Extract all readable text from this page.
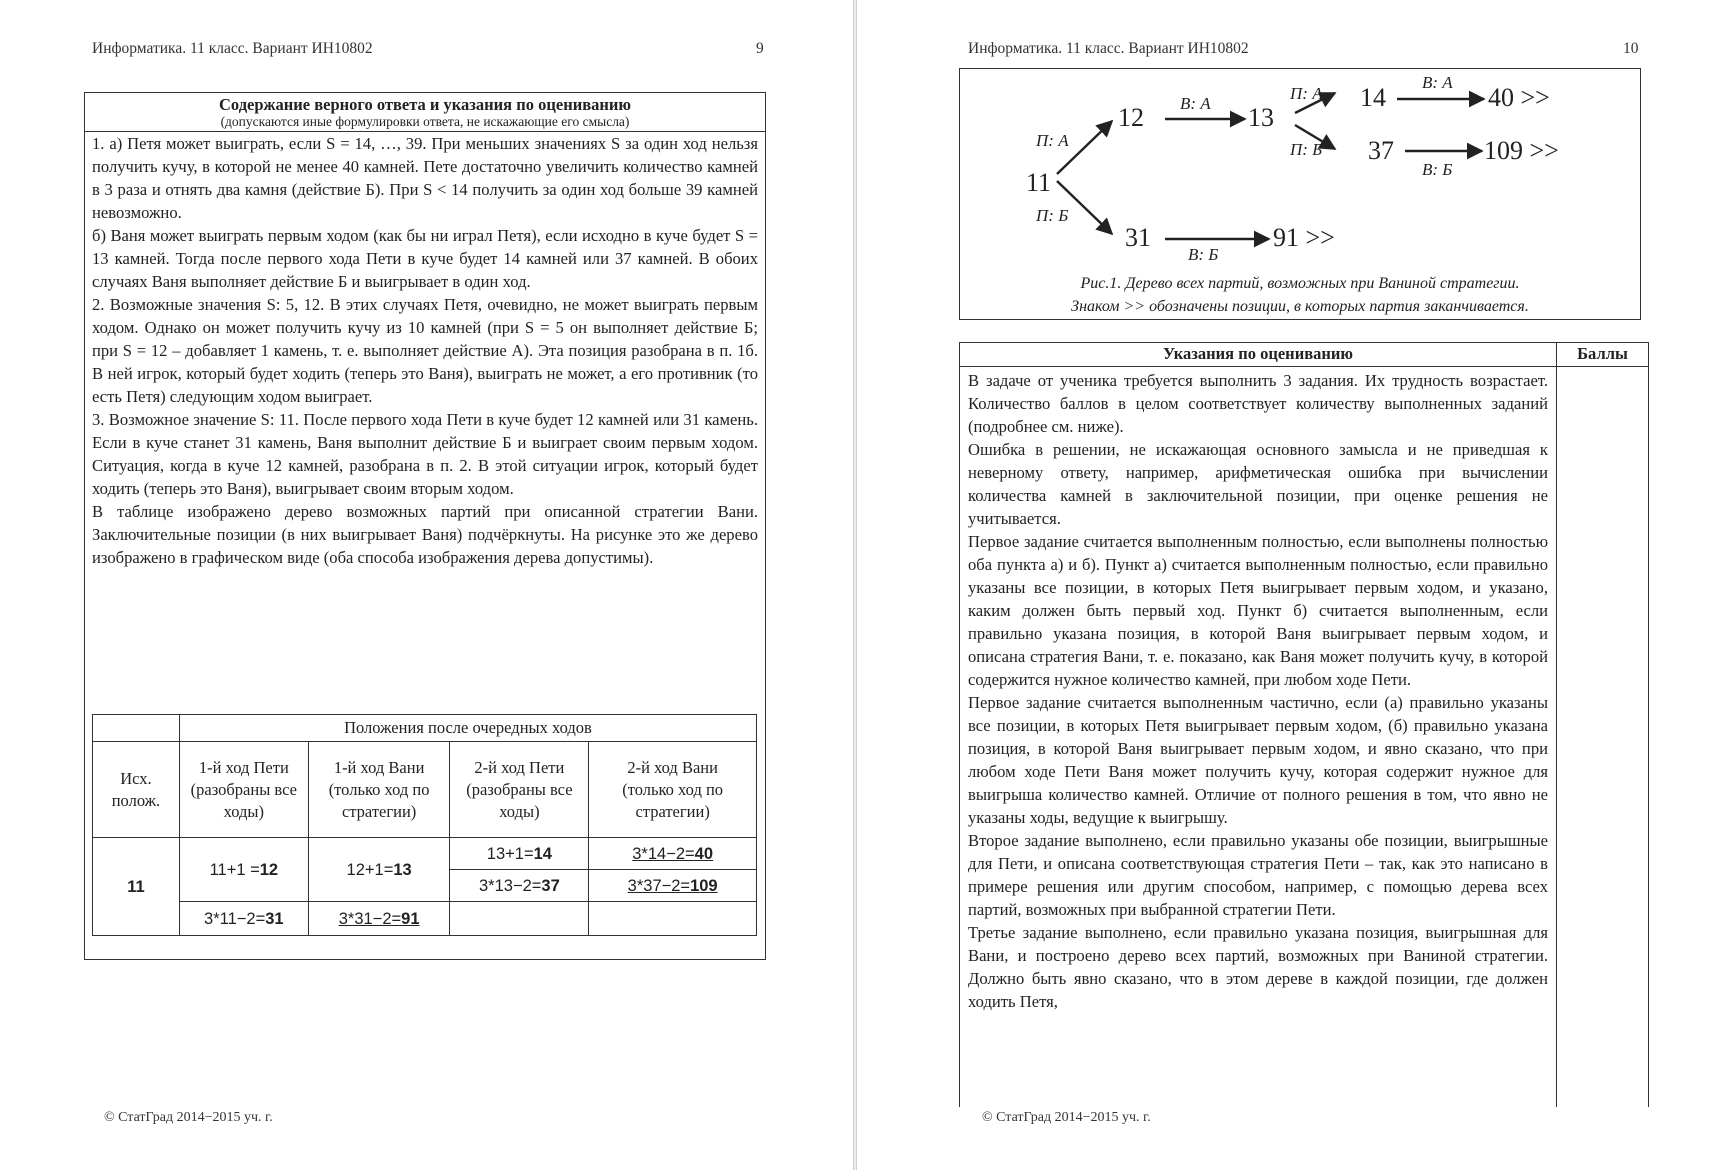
Информатика. 11 класс. Вариант ИН10802	9
Содержание верного ответа и указания по оцениванию
(допускаются иные формулировки ответа, не искажающие его смысла)

1. а) Петя может выиграть, если S = 14, …, 39. При меньших значениях S за один ход нельзя получить кучу, в которой не менее 40 камней. Пете достаточно увеличить количество камней в 3 раза и отнять два камня (действие Б). При S < 14 получить за один ход больше 39 камней невозможно.

б) Ваня может выиграть первым ходом (как бы ни играл Петя), если исходно в куче будет S = 13 камней. Тогда после первого хода Пети в куче будет 14 камней или 37 камней. В обоих случаях Ваня выполняет действие Б и выигрывает в один ход.

2. Возможные значения S: 5, 12. В этих случаях Петя, очевидно, не может выиграть первым ходом. Однако он может получить кучу из 10 камней (при S = 5 он выполняет действие Б; при S = 12 – добавляет 1 камень, т. е. выполняет действие А). Эта позиция разобрана в п. 1б. В ней игрок, который будет ходить (теперь это Ваня), выиграть не может, а его противник (то есть Петя) следующим ходом выиграет.

3. Возможное значение S: 11. После первого хода Пети в куче будет 12 камней или 31 камень. Если в куче станет 31 камень, Ваня выполнит действие Б и выиграет своим первым ходом. Ситуация, когда в куче 12 камней, разобрана в п. 2. В этой ситуации игрок, который будет ходить (теперь это Ваня), выигрывает своим вторым ходом.

В таблице изображено дерево возможных партий при описанной стратегии Вани. Заключительные позиции (в них выигрывает Ваня) подчёркнуты. На рисунке это же дерево изображено в графическом виде (оба способа изображения дерева допустимы).

	Положения после очередных ходов			
Исх. полож.	1-й ход Пети (разобраны все ходы)	1-й ход Вани (только ход по стратегии)	2-й ход Пети (разобраны все ходы)	2-й ход Вани (только ход по стратегии)
11	11+1 =12	12+1=13	13+1=14	3*14−2=40
			3*13−2=37	3*37−2=109
	3*11−2=31	3*31−2=91		
© СтатГрад 2014−2015 уч. г.
Информатика. 11 класс. Вариант ИН10802	10
11
12	13
14
37
31
40 >>
109 >>
91 >>
П: А
П: Б
В: А
П: А
П: Б
В: А
В: Б
В: Б
Рис.1. Дерево всех партий, возможных при Ваниной стратегии.
Знаком >> обозначены позиции, в которых партия заканчивается.
Указания по оцениванию	Баллы

В задаче от ученика требуется выполнить 3 задания. Их трудность возрастает. Количество баллов в целом соответствует количеству выполненных заданий (подробнее см. ниже).

Ошибка в решении, не искажающая основного замысла и не приведшая к неверному ответу, например, арифметическая ошибка при вычислении количества камней в заключительной позиции, при оценке решения не учитывается.

Первое задание считается выполненным полностью, если выполнены полностью оба пункта а) и б). Пункт а) считается выполненным полностью, если правильно указаны все позиции, в которых Петя выигрывает первым ходом, и указано, каким должен быть первый ход. Пункт б) считается выполненным, если правильно указана позиция, в которой Ваня выигрывает первым ходом, и описана стратегия Вани, т. е. показано, как Ваня может получить кучу, в которой содержится нужное количество камней, при любом ходе Пети.

Первое задание считается выполненным частично, если (а) правильно указаны все позиции, в которых Петя выигрывает первым ходом, (б) правильно указана позиция, в которой Ваня выигрывает первым ходом, и явно сказано, что при любом ходе Пети Ваня может получить кучу, которая содержит нужное для выигрыша количество камней. Отличие от полного решения в том, что явно не указаны ходы, ведущие к выигрышу.

Второе задание выполнено, если правильно указаны обе позиции, выигрышные для Пети, и описана соответствующая стратегия Пети – так, как это написано в примере решения или другим способом, например, с помощью дерева всех партий, возможных при выбранной стратегии Пети.

Третье задание выполнено, если правильно указана позиция, выигрышная для Вани, и построено дерево всех партий, возможных при Ваниной стратегии. Должно быть явно сказано, что в этом дереве в каждой позиции, где должен ходить Петя,

© СтатГрад 2014−2015 уч. г.
